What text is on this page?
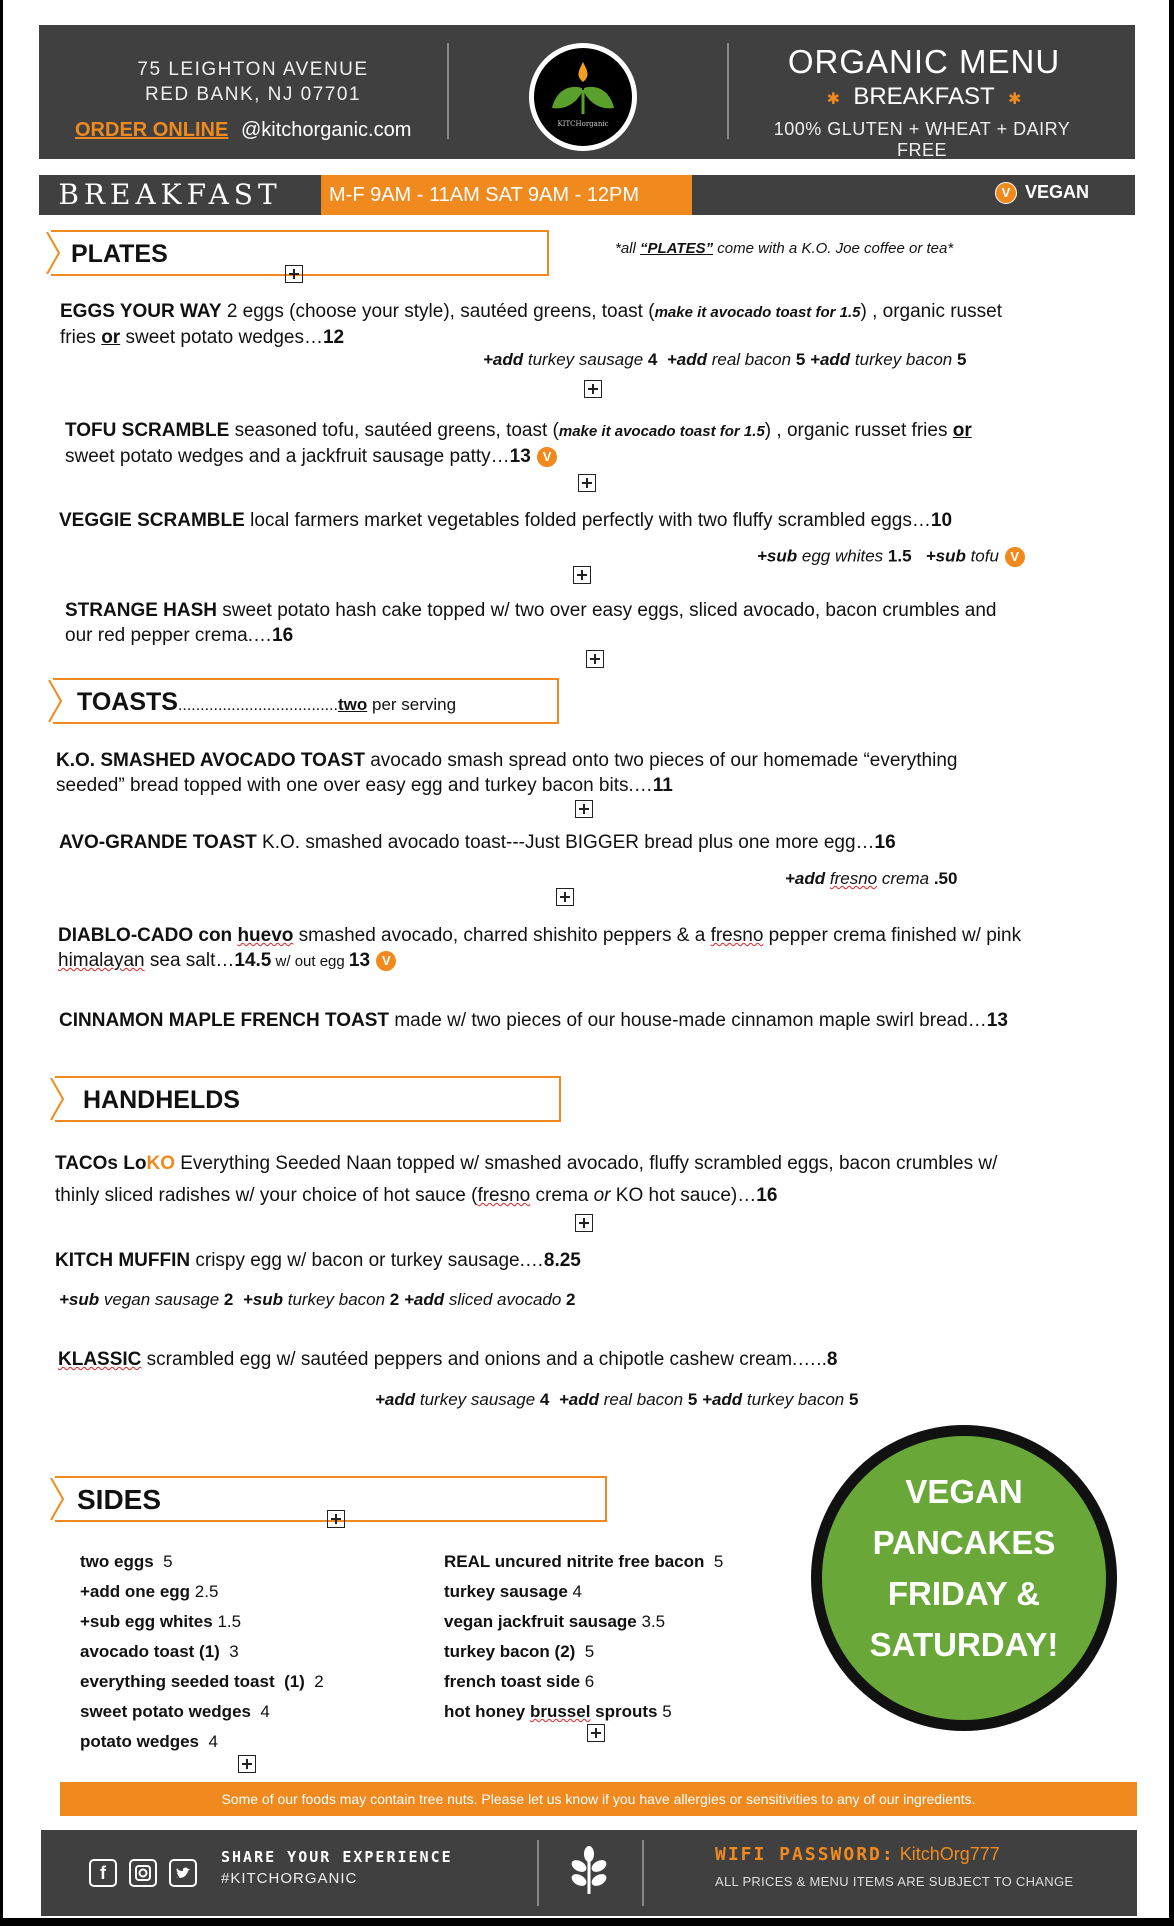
75 LEIGHTON AVENUE
RED BANK, NJ 07701
ORDER ONLINE @kitchorganic.com	KITCHorganic
ORGANIC MENU
✱ BREAKFAST ✱
100% GLUTEN + WHEAT + DAIRY FREE
BREAKFAST	M-F 9AM - 11AM SAT 9AM - 12PM	V VEGAN
PLATES	*all “PLATES” come with a K.O. Joe coffee or tea*
EGGS YOUR WAY 2 eggs (choose your style), sautéed greens, toast (make it avocado toast for 1.5) , organic russet
fries or sweet potato wedges…12
+add turkey sausage 4 +add real bacon 5 +add turkey bacon 5
TOFU SCRAMBLE seasoned tofu, sautéed greens, toast (make it avocado toast for 1.5) , organic russet fries or
sweet potato wedges and a jackfruit sausage patty…13 V
VEGGIE SCRAMBLE local farmers market vegetables folded perfectly with two fluffy scrambled eggs…10
+sub egg whites 1.5 +sub tofu V
STRANGE HASH sweet potato hash cake topped w/ two over easy eggs, sliced avocado, bacon crumbles and
our red pepper crema.…16
TOASTS....................................two per serving
K.O. SMASHED AVOCADO TOAST avocado smash spread onto two pieces of our homemade “everything
seeded” bread topped with one over easy egg and turkey bacon bits.…11
AVO-GRANDE TOAST K.O. smashed avocado toast---Just BIGGER bread plus one more egg…16
+add fresno crema .50
DIABLO-CADO con huevo smashed avocado, charred shishito peppers & a fresno pepper crema finished w/ pink
himalayan sea salt…14.5 w/ out egg 13 V
CINNAMON MAPLE FRENCH TOAST made w/ two pieces of our house-made cinnamon maple swirl bread…13
HANDHELDS
TACOs LoKO Everything Seeded Naan topped w/ smashed avocado, fluffy scrambled eggs, bacon crumbles w/
thinly sliced radishes w/ your choice of hot sauce (fresno crema or KO hot sauce)…16
KITCH MUFFIN crispy egg w/ bacon or turkey sausage.…8.25
+sub vegan sausage 2 +sub turkey bacon 2 +add sliced avocado 2
KLASSIC scrambled egg w/ sautéed peppers and onions and a chipotle cashew cream.…..8
+add turkey sausage 4 +add real bacon 5 +add turkey bacon 5
SIDES
two eggs  5
+add one egg 2.5
+sub egg whites 1.5
avocado toast (1)  3
everything seeded toast  (1)  2
sweet potato wedges  4
potato wedges  4
REAL uncured nitrite free bacon  5
turkey sausage 4
vegan jackfruit sausage 3.5
turkey bacon (2)  5
french toast side 6
hot honey brussel sprouts 5
VEGAN
PANCAKES
FRIDAY &
SATURDAY!
Some of our foods may contain tree nuts. Please let us know if you have allergies or sensitivities to any of our ingredients.
f
SHARE YOUR EXPERIENCE
#KITCHORGANIC
WIFI PASSWORD: KitchOrg777
ALL PRICES & MENU ITEMS ARE SUBJECT TO CHANGE
